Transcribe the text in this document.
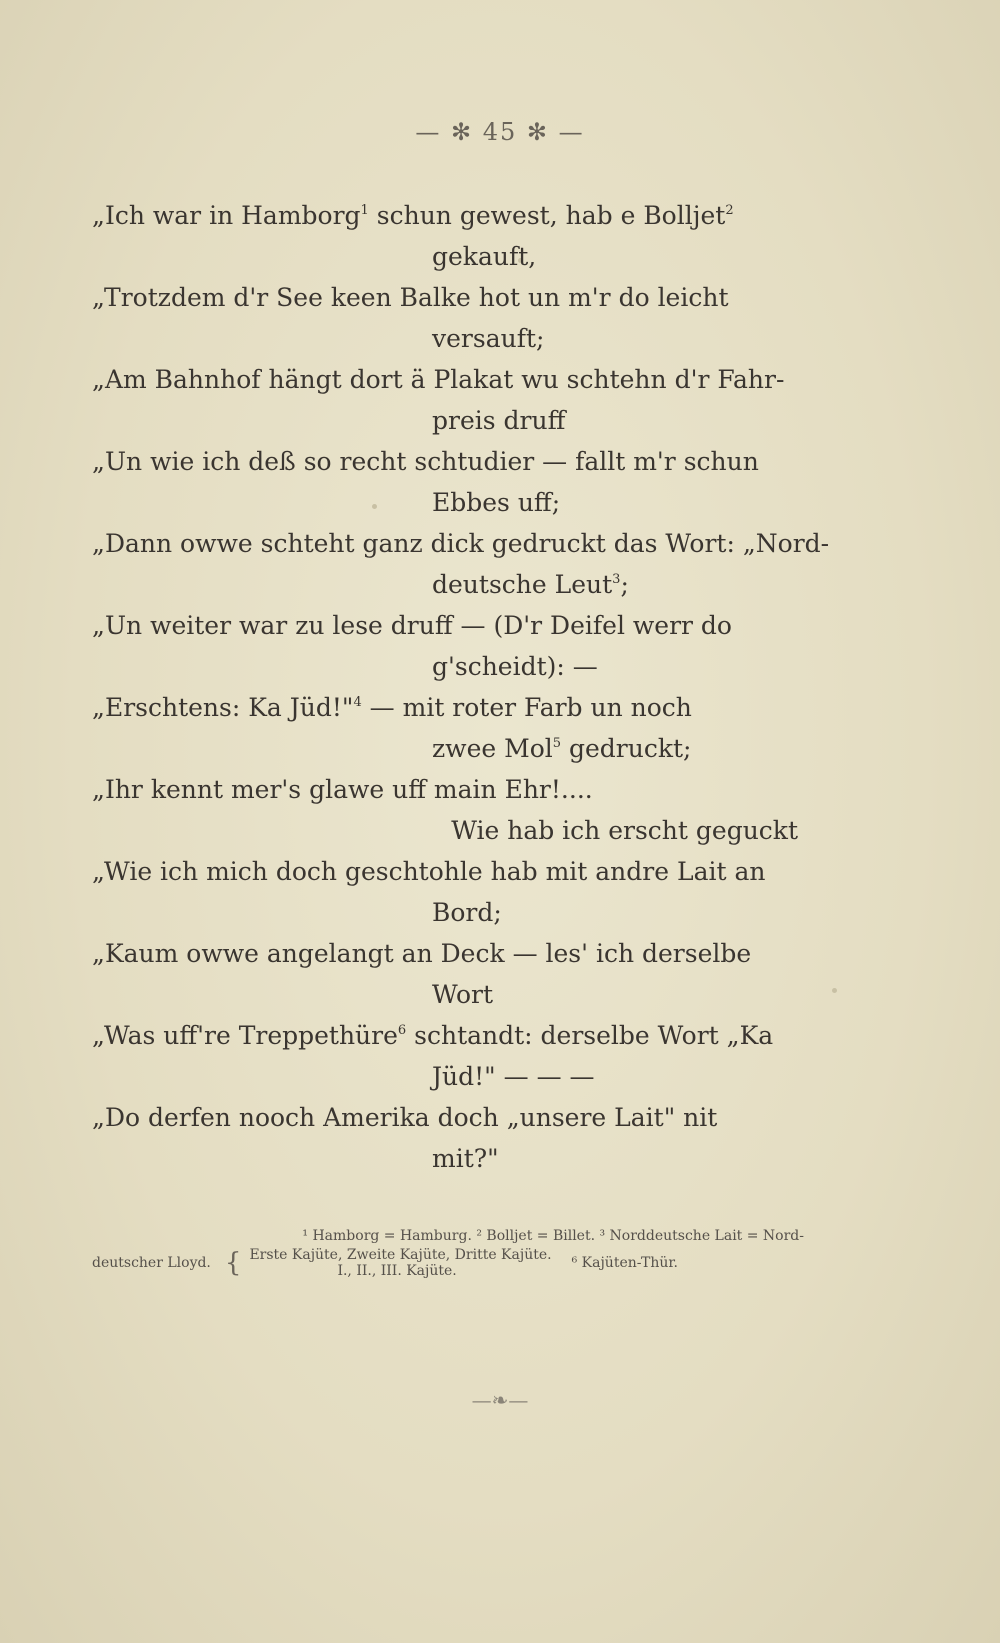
— ✻ 45 ✻ —
„Ich war in Hamborg$^1$ schun gewest, hab e Bolljet$^2$
gekauft,
„Trotzdem d'r See keen Balke hot un m'r do leicht
versauft;
„Am Bahnhof hängt dort ä Plakat wu schtehn d'r Fahr-
preis druff
„Un wie ich deß so recht schtudier — fallt m'r schun
Ebbes uff;
„Dann owwe schteht ganz dick gedruckt das Wort: „Nord-
deutsche Leut$^3$;
„Un weiter war zu lese druff — (D'r Deifel werr do
g'scheidt): —
„Erschtens: Ka Jüd!"$^4$ — mit roter Farb un noch
zwee Mol$^5$ gedruckt;
„Ihr kennt mer's glawe uff main Ehr!....
Wie hab ich erscht geguckt
„Wie ich mich doch geschtohle hab mit andre Lait an
Bord;
„Kaum owwe angelangt an Deck — les' ich derselbe
Wort
„Was uff're Treppethüre$^6$ schtandt: derselbe Wort „Ka
Jüd!" — — —
„Do derfen nooch Amerika doch „unsere Lait" nit
mit?"
¹ Hamborg = Hamburg. ² Bolljet = Billet. ³ Norddeutsche Lait = Nord-
deutscher Lloyd. { Erste Kajüte, Zweite Kajüte, Dritte Kajüte.
I., II., III. Kajüte.	⁶ Kajüten-Thür.
—❧—
